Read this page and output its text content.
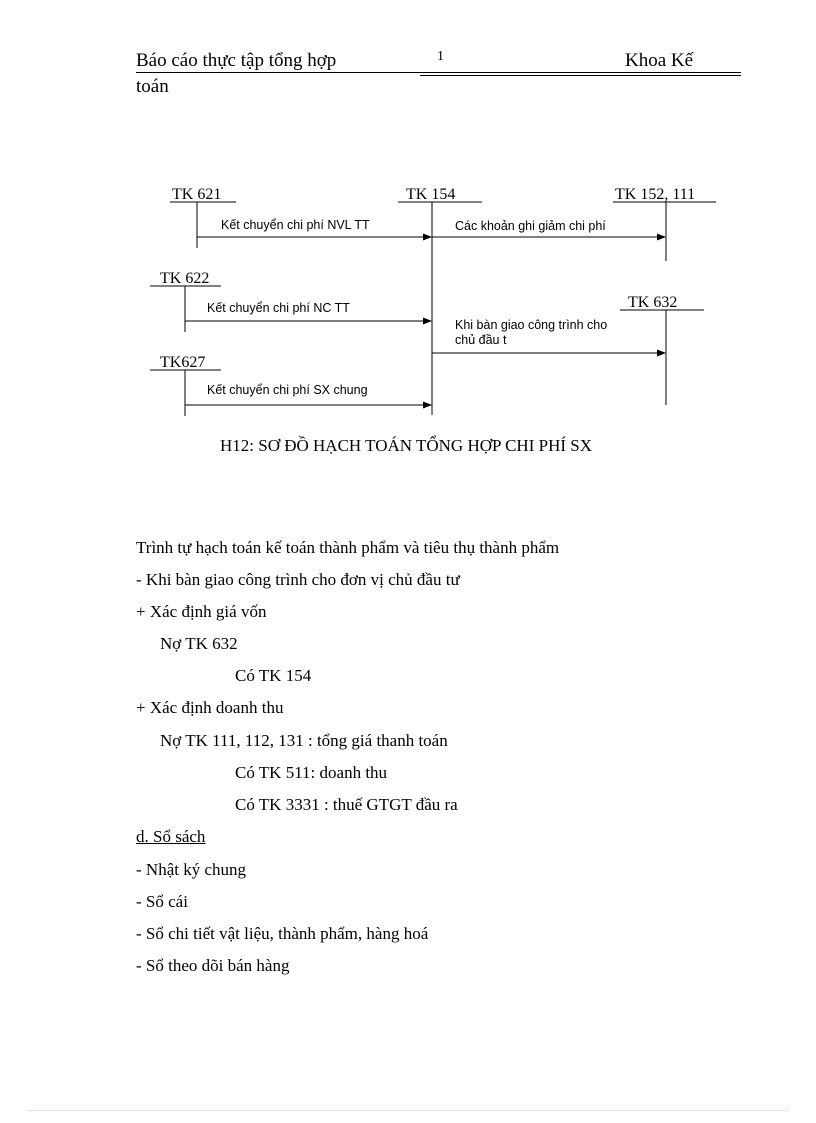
Báo cáo thực tập tổng hợp	1	Khoa Kế
toán
TK 621	TK 154	TK 152, 111
TK 622
TK 632
TK627
Kết chuyển chi phí NVL TT	Các khoản ghi giảm chi phí
Kết chuyển chi phí NC TT
Khi bàn giao công trình cho
chủ đầu t
Kết chuyển chi phí SX chung
H12: SƠ ĐỒ HẠCH TOÁN TỔNG HỢP CHI PHÍ SX
Trình tự hạch toán kế toán thành phẩm và tiêu thụ thành phẩm
- Khi bàn giao công trình cho đơn vị chủ đầu tư
+ Xác định giá vốn
Nợ TK 632
Có TK 154
+ Xác định doanh thu
Nợ TK 111, 112, 131 : tổng giá thanh toán
Có TK 511: doanh thu
Có TK 3331 : thuế GTGT đầu ra
d. Sổ sách
- Nhật ký chung
- Sổ cái
- Sổ chi tiết vật liệu, thành phẩm, hàng hoá
- Sổ theo dõi bán hàng
